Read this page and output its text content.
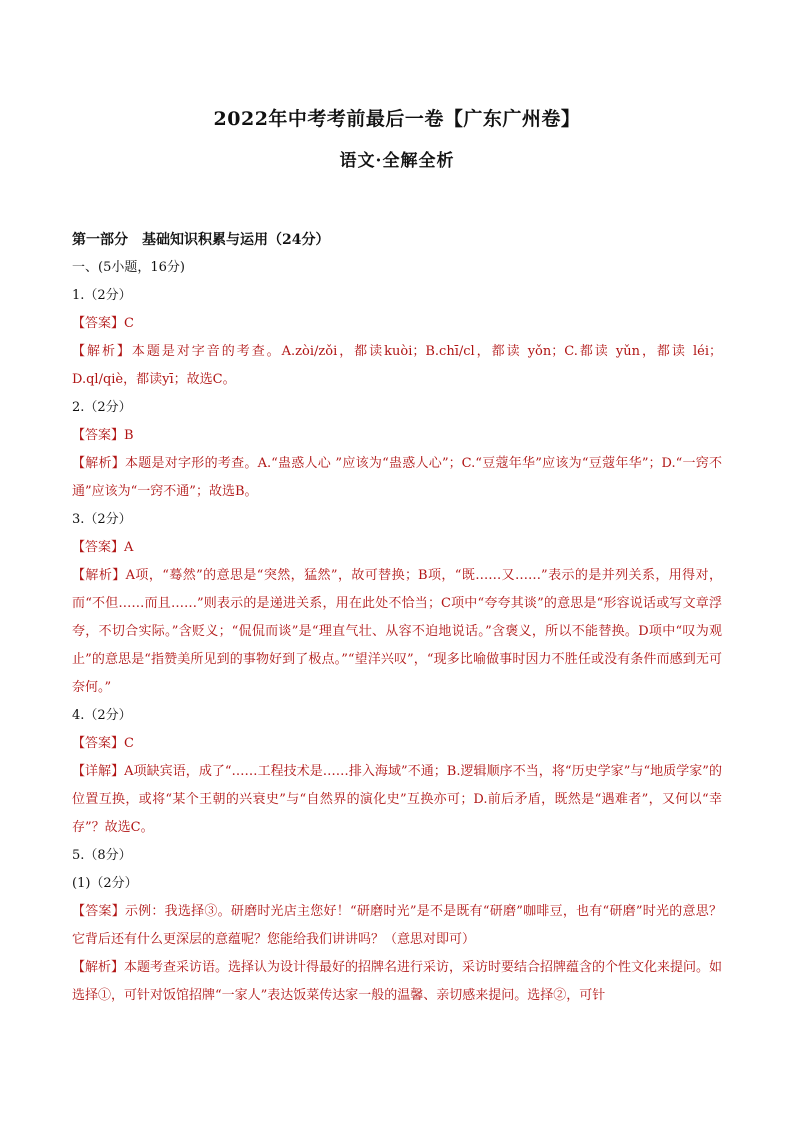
2022年中考考前最后一卷【广东广州卷】
语文·全解全析
第一部分　基础知识积累与运用（24分）
一、(5小题，16分)
1.（2分）
【答案】C
【解析】本题是对字音的考查。A.zòi/zǒi，都读kuòi；B.chī/cl，都读 yǒn；C.都读 yǔn，都读 léi；D.ql/qiè，都读yī；故选C。
2.（2分）
【答案】B
【解析】本题是对字形的考查。A.“蛊惑人心 ”应该为“蛊惑人心”；C.“豆蔻年华”应该为“豆蔻年华”；D.“一窍不通”应该为“一窍不通”；故选B。
3.（2分）
【答案】A
【解析】A项，“蓦然”的意思是“突然，猛然”，故可替换；B项，“既……又……”表示的是并列关系，用得对，而“不但……而且……”则表示的是递进关系，用在此处不恰当；C项中“夸夸其谈”的意思是“形容说话或写文章浮夸，不切合实际。”含贬义；“侃侃而谈”是“理直气壮、从容不迫地说话。”含褒义，所以不能替换。D项中“叹为观止”的意思是“指赞美所见到的事物好到了极点。”“望洋兴叹”，“现多比喻做事时因力不胜任或没有条件而感到无可奈何。”
4.（2分）
【答案】C
【详解】A项缺宾语，成了“……工程技术是……排入海域”不通；B.逻辑顺序不当，将“历史学家”与“地质学家”的位置互换，或将“某个王朝的兴衰史”与“自然界的演化史”互换亦可；D.前后矛盾，既然是“遇难者”，又何以“幸存”？故选C。
5.（8分）
(1)（2分）
【答案】示例：我选择③。研磨时光店主您好！“研磨时光”是不是既有“研磨”咖啡豆，也有“研磨”时光的意思？它背后还有什么更深层的意蕴呢？您能给我们讲讲吗？（意思对即可）
【解析】本题考查采访语。选择认为设计得最好的招牌名进行采访，采访时要结合招牌蕴含的个性文化来提问。如选择①，可针对饭馆招牌“一家人”表达饭菜传达家一般的温馨、亲切感来提问。选择②，可针
